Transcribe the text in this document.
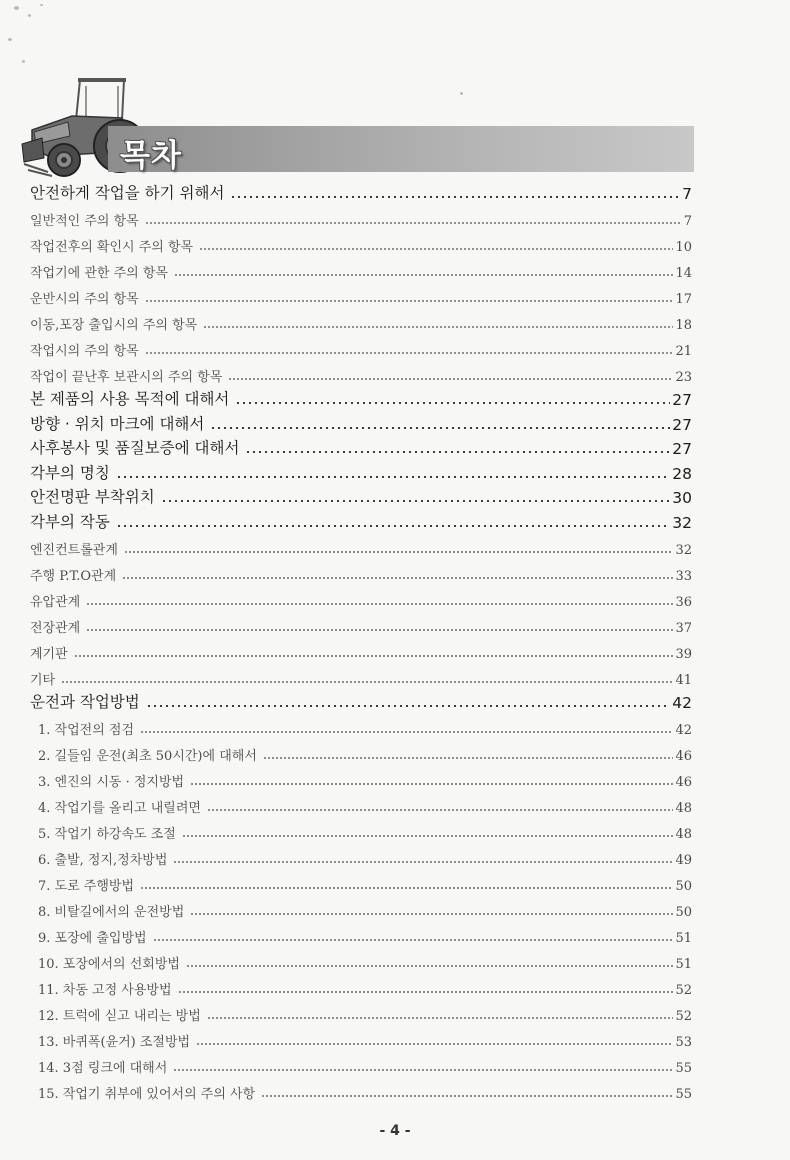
목차
안전하게 작업을 하기 위해서	7
일반적인 주의 항목	7
작업전후의 확인시 주의 항목	10
작업기에 관한 주의 항목	14
운반시의 주의 항목	17
이동,포장 출입시의 주의 항목	18
작업시의 주의 항목	21
작업이 끝난후 보관시의 주의 항목	23
본 제품의 사용 목적에 대해서	27
방향 · 위치 마크에 대해서	27
사후봉사 및 품질보증에 대해서	27
각부의 명칭	28
안전명판 부착위치	30
각부의 작동	32
엔진컨트롤관계	32
주행 P.T.O관계	33
유압관계	36
전장관계	37
계기판	39
기타	41
운전과 작업방법	42
1. 작업전의 점검	42
2. 길들임 운전(최초 50시간)에 대해서	46
3. 엔진의 시동 · 정지방법	46
4. 작업기를 올리고 내릴려면	48
5. 작업기 하강속도 조절	48
6. 출발, 정지,정차방법	49
7. 도로 주행방법	50
8. 비탈길에서의 운전방법	50
9. 포장에 출입방법	51
10. 포장에서의 선회방법	51
11. 차동 고정 사용방법	52
12. 트럭에 싣고 내리는 방법	52
13. 바퀴폭(윤거) 조절방법	53
14. 3점 링크에 대해서	55
15. 작업기 취부에 있어서의 주의 사항	55
- 4 -
